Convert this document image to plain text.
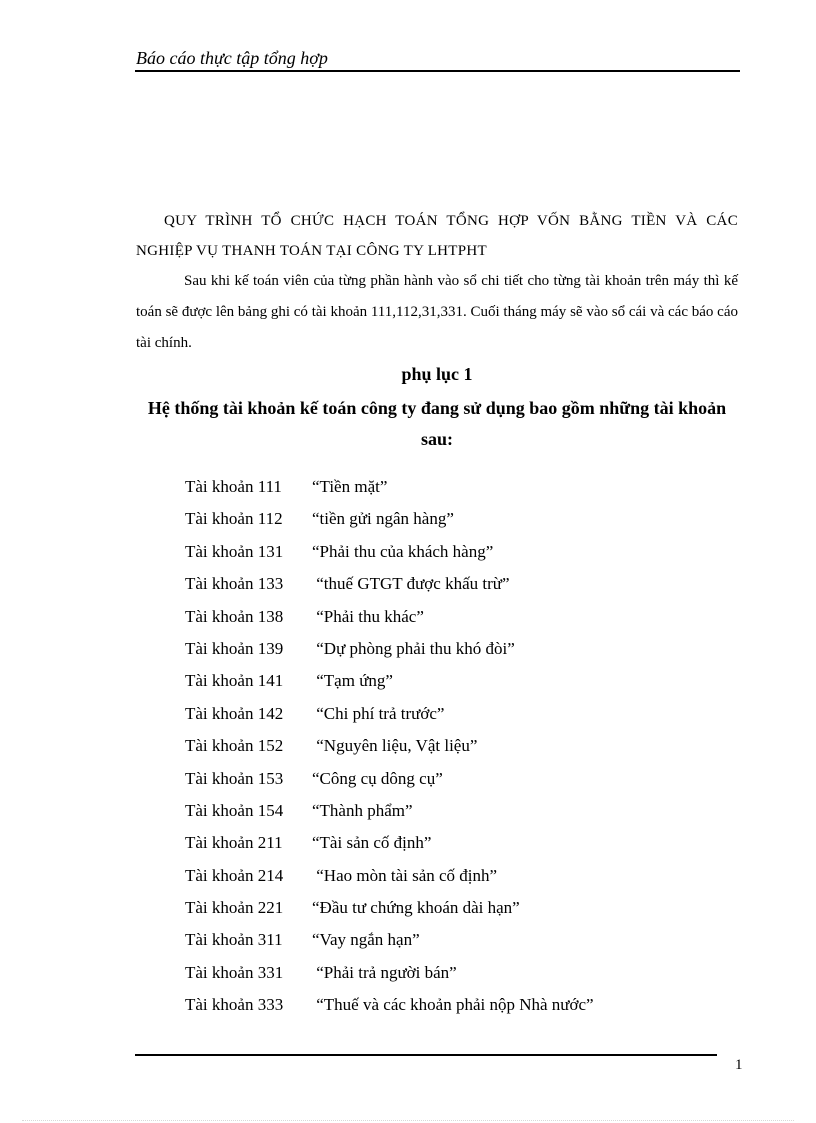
Báo cáo thực tập tổng hợp
QUY TRÌNH TỔ CHỨC HẠCH TOÁN TỔNG HỢP VỐN BẰNG TIỀN VÀ CÁC NGHIỆP VỤ THANH TOÁN TẠI CÔNG TY LHTPHT
Sau khi kế toán viên của từng phần hành vào sổ chi tiết cho từng tài khoản trên máy thì kế toán sẽ được lên bảng ghi có tài khoản 111,112,31,331. Cuối tháng máy sẽ vào sổ cái và các báo cáo tài chính.
phụ lục 1
Hệ thống tài khoản kế toán công ty đang sử dụng bao gồm những tài khoản sau:
Tài khoản 111 “Tiền mặt”
Tài khoản 112 “tiền gửi ngân hàng”
Tài khoản 131 “Phải thu của khách hàng”
Tài khoản 133 “thuế GTGT được khấu trừ”
Tài khoản 138 “Phải thu khác”
Tài khoản 139 “Dự phòng phải thu khó đòi”
Tài khoản 141 “Tạm ứng”
Tài khoản 142 “Chi phí trả trước”
Tài khoản 152 “Nguyên liệu, Vật liệu”
Tài khoản 153 “Công cụ dông cụ”
Tài khoản 154 “Thành phẩm”
Tài khoản 211 “Tài sản cố định”
Tài khoản 214 “Hao mòn tài sản cố định”
Tài khoản 221 “Đầu tư chứng khoán dài hạn”
Tài khoản 311 “Vay ngắn hạn”
Tài khoản 331 “Phải trả người bán”
Tài khoản 333 “Thuế và các khoản phải nộp Nhà nước”
1
